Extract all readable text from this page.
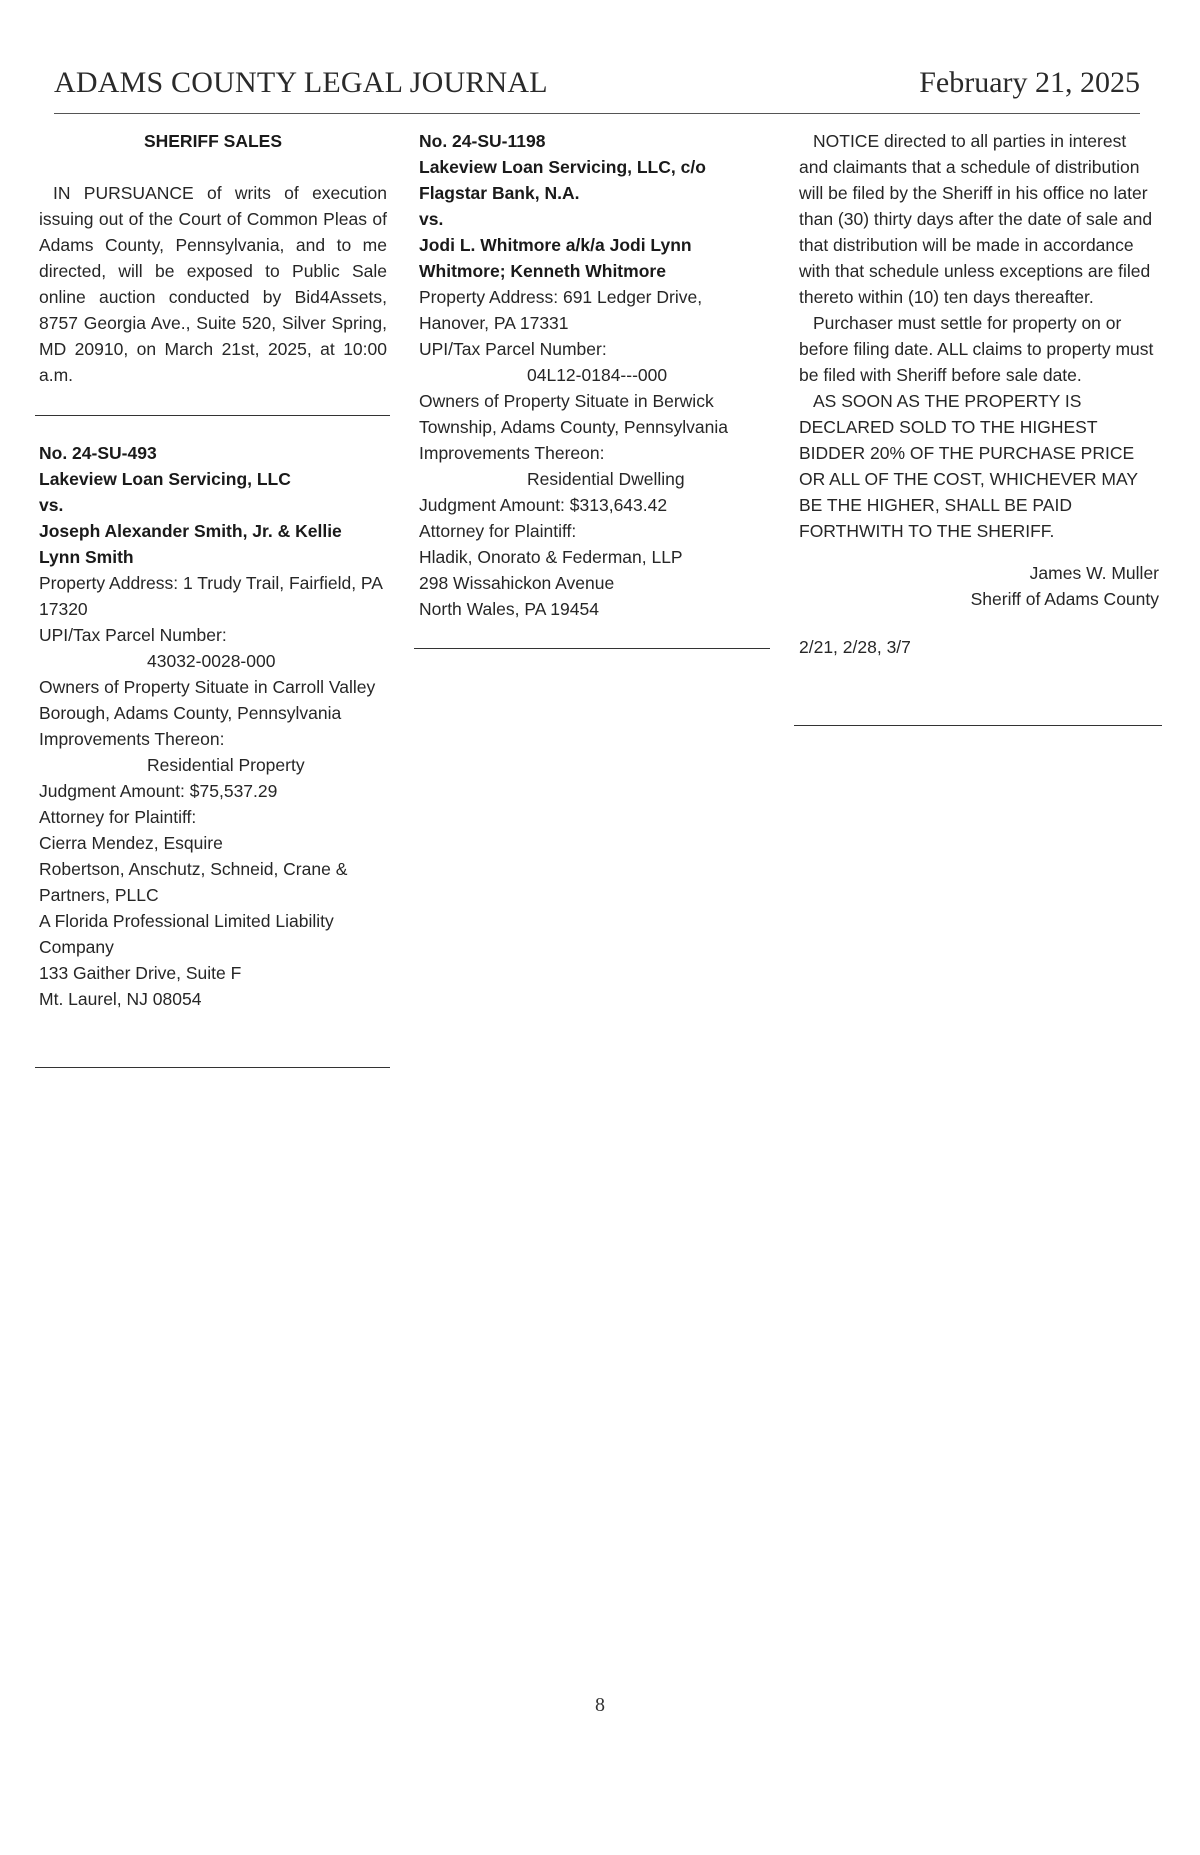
ADAMS COUNTY LEGAL JOURNAL	February 21, 2025

SHERIFF SALES

IN PURSUANCE of writs of execution issuing out of the Court of Common Pleas of Adams County, Pennsylvania, and to me directed, will be exposed to Public Sale online auction conducted by Bid4Assets, 8757 Georgia Ave., Suite 520, Silver Spring, MD 20910, on March 21st, 2025, at 10:00 a.m.

No. 24-SU-493

Lakeview Loan Servicing, LLC

vs.

Joseph Alexander Smith, Jr. & Kellie Lynn Smith

Property Address: 1 Trudy Trail, Fairfield, PA 17320

UPI/Tax Parcel Number:

43032-0028-000

Owners of Property Situate in Carroll Valley Borough, Adams County, Pennsylvania

Improvements Thereon:

Residential Property

Judgment Amount: $75,537.29

Attorney for Plaintiff:

Cierra Mendez, Esquire

Robertson, Anschutz, Schneid, Crane & Partners, PLLC

A Florida Professional Limited Liability Company

133 Gaither Drive, Suite F

Mt. Laurel, NJ 08054

No. 24-SU-1198

Lakeview Loan Servicing, LLC, c/o Flagstar Bank, N.A.

vs.

Jodi L. Whitmore a/k/a Jodi Lynn Whitmore; Kenneth Whitmore

Property Address: 691 Ledger Drive, Hanover, PA 17331

UPI/Tax Parcel Number:

04L12-0184---000

Owners of Property Situate in Berwick Township, Adams County, Pennsylvania

Improvements Thereon:

Residential Dwelling

Judgment Amount: $313,643.42

Attorney for Plaintiff:

Hladik, Onorato & Federman, LLP

298 Wissahickon Avenue

North Wales, PA 19454

NOTICE directed to all parties in interest and claimants that a schedule of distribution will be filed by the Sheriff in his office no later than (30) thirty days after the date of sale and that distribution will be made in accordance with that schedule unless exceptions are filed thereto within (10) ten days thereafter.

Purchaser must settle for property on or before filing date. ALL claims to property must be filed with Sheriff before sale date.

AS SOON AS THE PROPERTY IS DECLARED SOLD TO THE HIGHEST BIDDER 20% OF THE PURCHASE PRICE OR ALL OF THE COST, WHICHEVER MAY BE THE HIGHER, SHALL BE PAID FORTHWITH TO THE SHERIFF.

James W. Muller

Sheriff of Adams County

2/21, 2/28, 3/7

8
